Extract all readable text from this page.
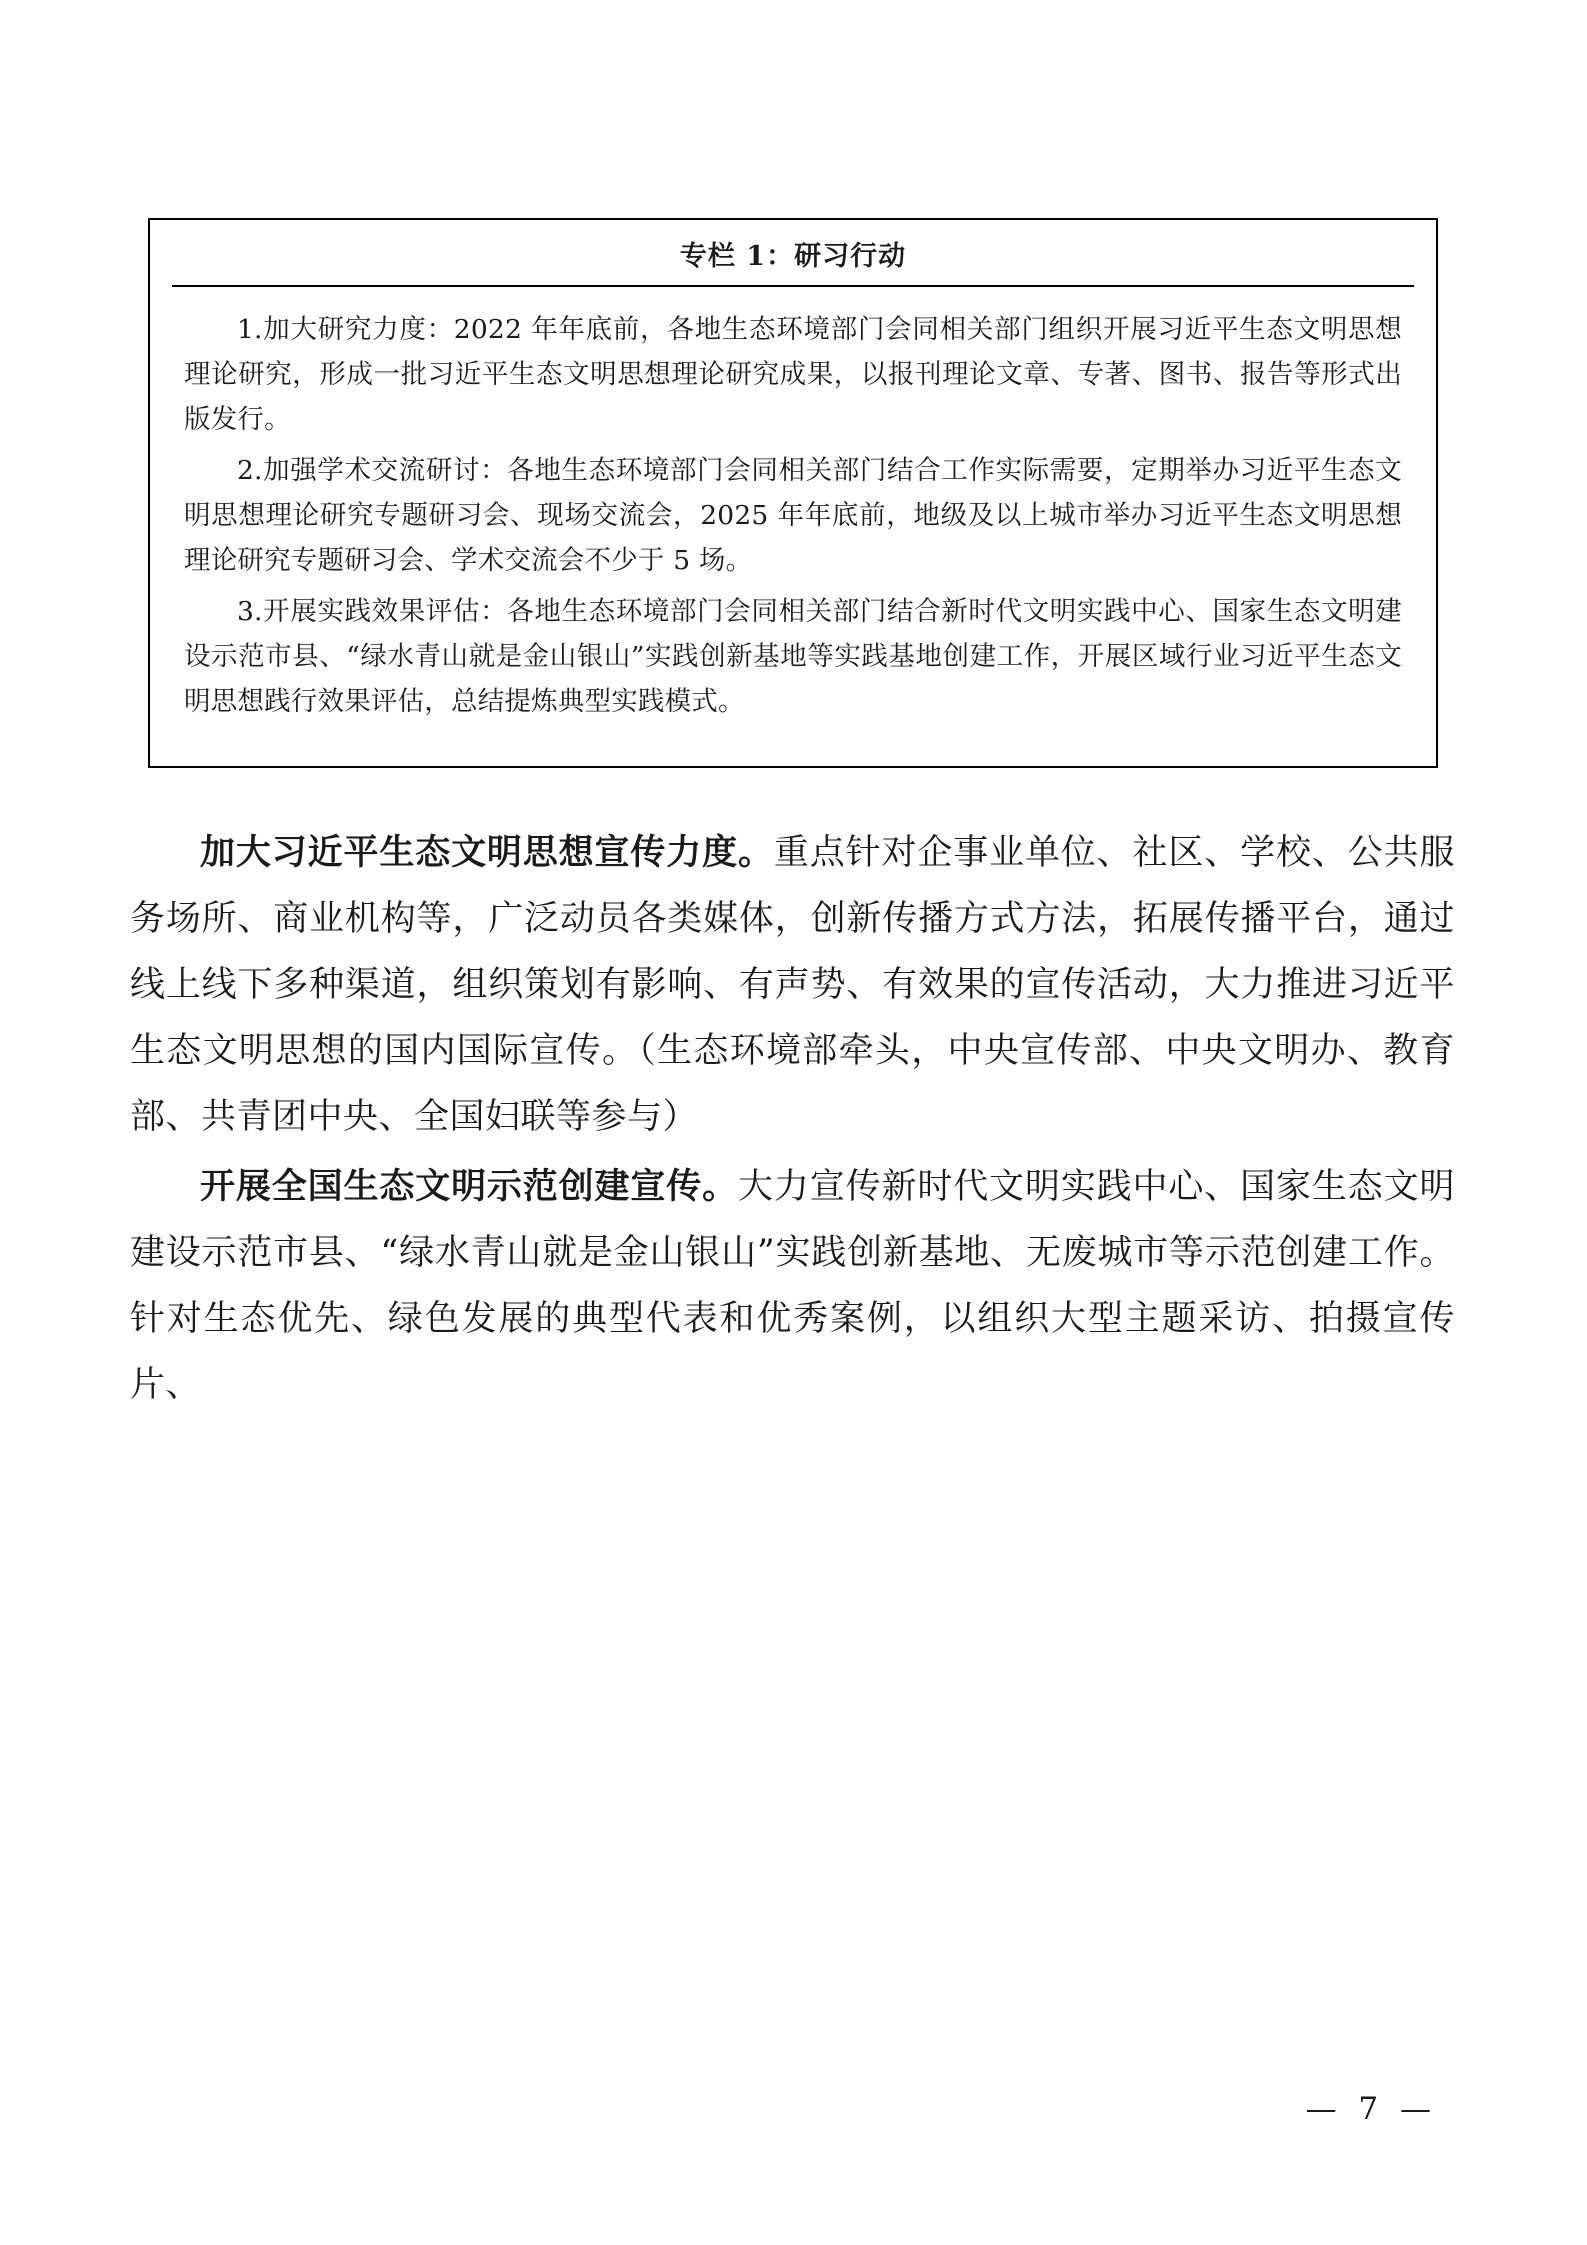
专栏 1：研习行动

1.加大研究力度：2022 年年底前，各地生态环境部门会同相关部门组织开展习近平生态文明思想理论研究，形成一批习近平生态文明思想理论研究成果，以报刊理论文章、专著、图书、报告等形式出版发行。

2.加强学术交流研讨：各地生态环境部门会同相关部门结合工作实际需要，定期举办习近平生态文明思想理论研究专题研习会、现场交流会，2025 年年底前，地级及以上城市举办习近平生态文明思想理论研究专题研习会、学术交流会不少于 5 场。

3.开展实践效果评估：各地生态环境部门会同相关部门结合新时代文明实践中心、国家生态文明建设示范市县、“绿水青山就是金山银山”实践创新基地等实践基地创建工作，开展区域行业习近平生态文明思想践行效果评估，总结提炼典型实践模式。

加大习近平生态文明思想宣传力度。重点针对企事业单位、社区、学校、公共服务场所、商业机构等，广泛动员各类媒体，创新传播方式方法，拓展传播平台，通过线上线下多种渠道，组织策划有影响、有声势、有效果的宣传活动，大力推进习近平生态文明思想的国内国际宣传。（生态环境部牵头，中央宣传部、中央文明办、教育部、共青团中央、全国妇联等参与）

开展全国生态文明示范创建宣传。大力宣传新时代文明实践中心、国家生态文明建设示范市县、“绿水青山就是金山银山”实践创新基地、无废城市等示范创建工作。针对生态优先、绿色发展的典型代表和优秀案例，以组织大型主题采访、拍摄宣传片、

— 7 —
